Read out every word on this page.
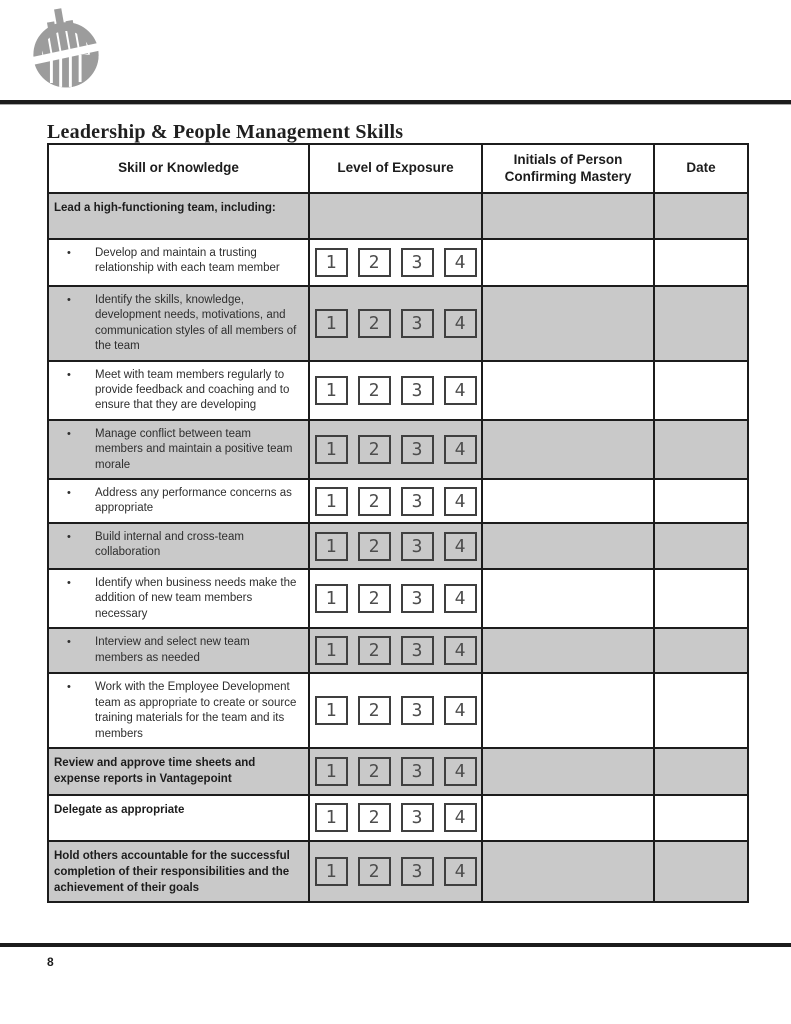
Leadership & People Management Skills
Skill or Knowledge	Level of Exposure	Initials of Person Confirming Mastery	Date

Lead a high-functioning team, including:			

• Develop and maintain a trusting relationship with each team member	1 2 3 4		

• Identify the skills, knowledge, development needs, motivations, and communication styles of all members of the team	1 2 3 4		

• Meet with team members regularly to provide feedback and coaching and to ensure that they are developing	1 2 3 4		

• Manage conflict between team members and maintain a positive team morale	1 2 3 4		

• Address any performance concerns as appropriate	1 2 3 4		

• Build internal and cross-team collaboration	1 2 3 4		

• Identify when business needs make the addition of new team members necessary	1 2 3 4		

• Interview and select new team members as needed	1 2 3 4		

• Work with the Employee Development team as appropriate to create or source training materials for the team and its members	1 2 3 4		

Review and approve time sheets and expense reports in Vantagepoint	1 2 3 4		

Delegate as appropriate	1 2 3 4		

Hold others accountable for the successful completion of their responsibilities and the achievement of their goals	1 2 3 4		

8
